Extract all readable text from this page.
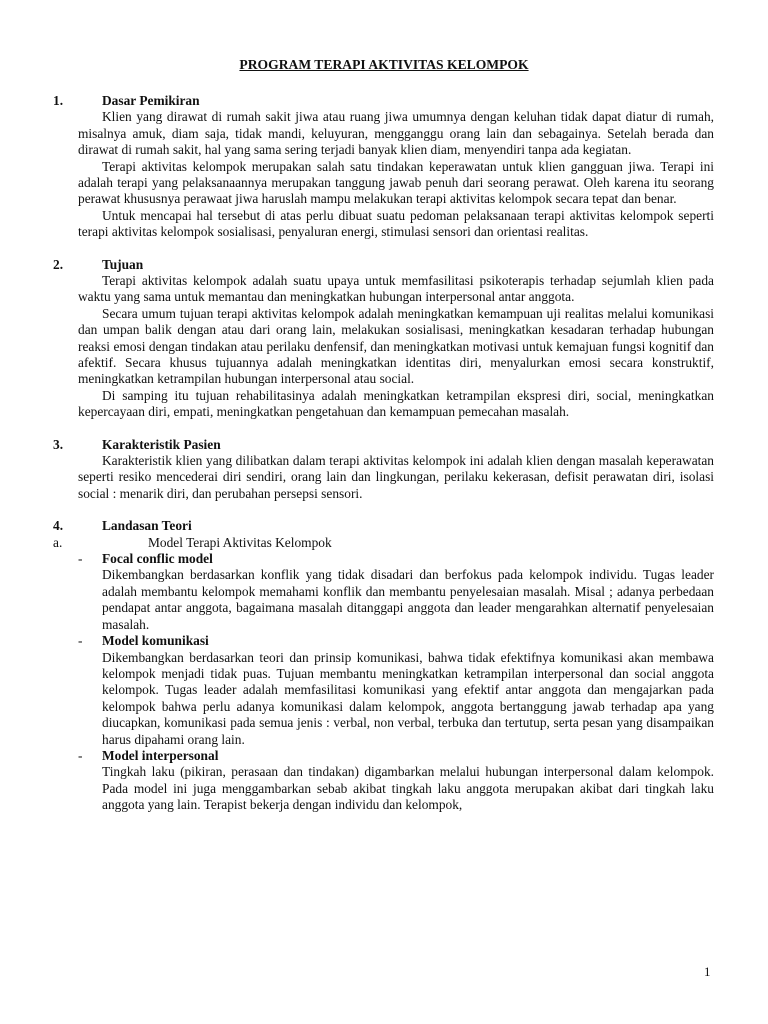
PROGRAM TERAPI AKTIVITAS KELOMPOK
1.	Dasar Pemikiran

Klien yang dirawat di rumah sakit jiwa atau ruang jiwa umumnya dengan keluhan tidak dapat diatur di rumah, misalnya amuk, diam saja, tidak mandi, keluyuran, mengganggu orang lain dan sebagainya. Setelah berada dan dirawat di rumah sakit, hal yang sama sering terjadi banyak klien diam, menyendiri tanpa ada kegiatan.

Terapi aktivitas kelompok merupakan salah satu tindakan keperawatan untuk klien gangguan jiwa. Terapi ini adalah terapi yang pelaksanaannya merupakan tanggung jawab penuh dari seorang perawat. Oleh karena itu seorang perawat khususnya perawaat jiwa haruslah mampu melakukan terapi aktivitas kelompok secara tepat dan benar.

Untuk mencapai hal tersebut di atas perlu dibuat suatu pedoman pelaksanaan terapi aktivitas kelompok seperti terapi aktivitas kelompok sosialisasi, penyaluran energi, stimulasi sensori dan orientasi realitas.

2.	Tujuan

Terapi aktivitas kelompok adalah suatu upaya untuk memfasilitasi psikoterapis terhadap sejumlah klien pada waktu yang sama untuk memantau dan meningkatkan hubungan interpersonal antar anggota.

Secara umum tujuan terapi aktivitas kelompok adalah meningkatkan kemampuan uji realitas melalui komunikasi dan umpan balik dengan atau dari orang lain, melakukan sosialisasi, meningkatkan kesadaran terhadap hubungan reaksi emosi dengan tindakan atau perilaku denfensif, dan meningkatkan motivasi untuk kemajuan fungsi kognitif dan afektif. Secara khusus tujuannya adalah meningkatkan identitas diri, menyalurkan emosi secara konstruktif, meningkatkan ketrampilan hubungan interpersonal atau social.

Di samping itu tujuan rehabilitasinya adalah meningkatkan ketrampilan ekspresi diri, social, meningkatkan kepercayaan diri, empati, meningkatkan pengetahuan dan kemampuan pemecahan masalah.

3.	Karakteristik Pasien

Karakteristik klien yang dilibatkan dalam terapi aktivitas kelompok ini adalah klien dengan masalah keperawatan seperti resiko mencederai diri sendiri, orang lain dan lingkungan, perilaku kekerasan, defisit perawatan diri, isolasi social : menarik diri, dan perubahan persepsi sensori.

4.	Landasan Teori
a.	Model Terapi Aktivitas Kelompok
- Focal conflic model

Dikembangkan berdasarkan konflik yang tidak disadari dan berfokus pada kelompok individu. Tugas leader adalah membantu kelompok memahami konflik dan membantu penyelesaian masalah. Misal ; adanya perbedaan pendapat antar anggota, bagaimana masalah ditanggapi anggota dan leader mengarahkan alternatif penyelesaian masalah.

- Model komunikasi

Dikembangkan berdasarkan teori dan prinsip komunikasi, bahwa tidak efektifnya komunikasi akan membawa kelompok menjadi tidak puas. Tujuan membantu meningkatkan ketrampilan interpersonal dan social anggota kelompok. Tugas leader adalah memfasilitasi komunikasi yang efektif antar anggota dan mengajarkan pada kelompok bahwa perlu adanya komunikasi dalam kelompok, anggota bertanggung jawab terhadap apa yang diucapkan, komunikasi pada semua jenis : verbal, non verbal, terbuka dan tertutup, serta pesan yang disampaikan harus dipahami orang lain.

- Model interpersonal

Tingkah laku (pikiran, perasaan dan tindakan) digambarkan melalui hubungan interpersonal dalam kelompok. Pada model ini juga menggambarkan sebab akibat tingkah laku anggota merupakan akibat dari tingkah laku anggota yang lain. Terapist bekerja dengan individu dan kelompok,

1
